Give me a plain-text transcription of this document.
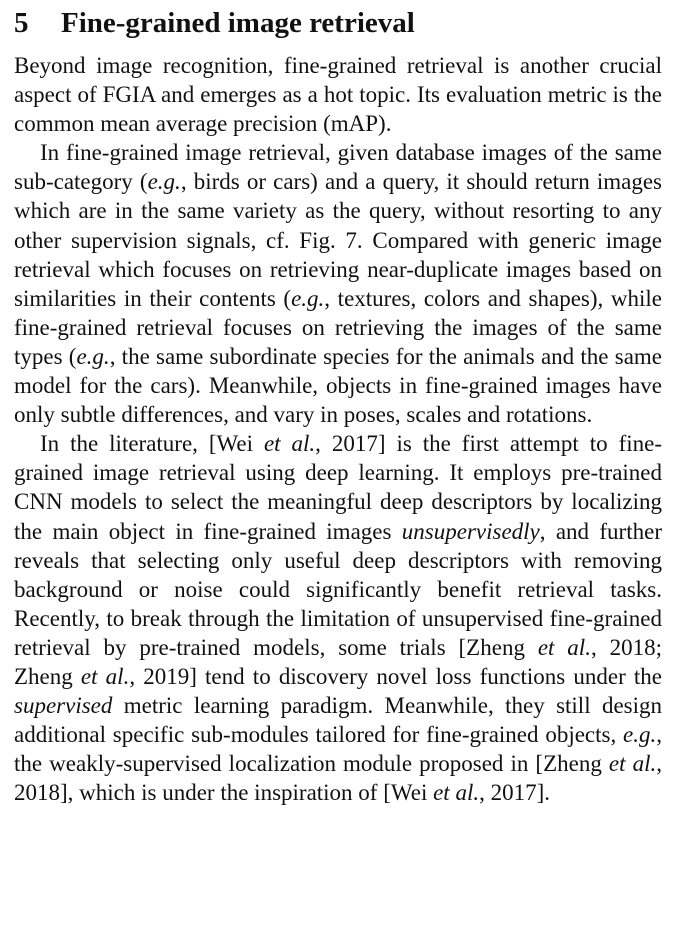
5 Fine-grained image retrieval

Beyond image recognition, fine-grained retrieval is another crucial aspect of FGIA and emerges as a hot topic. Its evaluation metric is the common mean average precision (mAP).

In fine-grained image retrieval, given database images of the same sub-category (e.g., birds or cars) and a query, it should return images which are in the same variety as the query, without resorting to any other supervision signals, cf. Fig. 7. Compared with generic image retrieval which focuses on retrieving near-duplicate images based on similarities in their contents (e.g., textures, colors and shapes), while fine-grained retrieval focuses on retrieving the images of the same types (e.g., the same subordinate species for the animals and the same model for the cars). Meanwhile, objects in fine-grained images have only subtle differences, and vary in poses, scales and rotations.

In the literature, [Wei et al., 2017] is the first attempt to fine-grained image retrieval using deep learning. It employs pre-trained CNN models to select the meaningful deep descriptors by localizing the main object in fine-grained images unsupervisedly, and further reveals that selecting only useful deep descriptors with removing background or noise could significantly benefit retrieval tasks. Recently, to break through the limitation of unsupervised fine-grained retrieval by pre-trained models, some trials [Zheng et al., 2018; Zheng et al., 2019] tend to discovery novel loss functions under the supervised metric learning paradigm. Meanwhile, they still design additional specific sub-modules tailored for fine-grained objects, e.g., the weakly-supervised localization module proposed in [Zheng et al., 2018], which is under the inspiration of [Wei et al., 2017].
